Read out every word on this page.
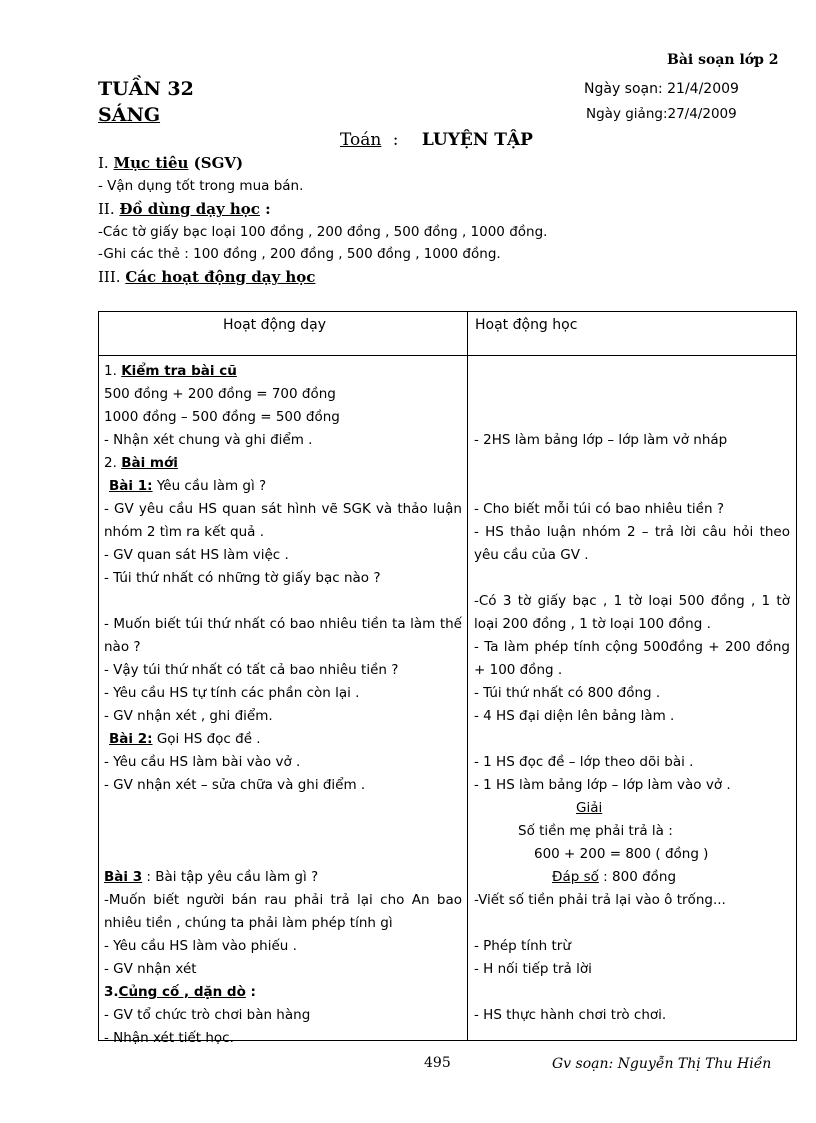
Bài soạn lớp 2
TUẦN 32
SÁNG
Ngày soạn: 21/4/2009
Ngày giảng:27/4/2009
Toán : LUYỆN TẬP
I. Mục tiêu (SGV)
- Vận dụng tốt trong mua bán.
II. Đồ dùng dạy học :
-Các tờ giấy bạc loại 100 đồng , 200 đồng , 500 đồng , 1000 đồng.
-Ghi các thẻ : 100 đồng , 200 đồng , 500 đồng , 1000 đồng.
III. Các hoạt động dạy học
Hoạt động dạy	Hoạt động học
1. Kiểm tra bài cũ
500 đồng + 200 đồng = 700 đồng
1000 đồng – 500 đồng = 500 đồng
- Nhận xét chung và ghi điểm .
2. Bài mới
Bài 1: Yêu cầu làm gì ?
- GV yêu cầu HS quan sát hình vẽ SGK và thảo luận nhóm 2 tìm ra kết quả .
- GV quan sát HS làm việc .
- Túi thứ nhất có những tờ giấy bạc nào ?
- Muốn biết túi thứ nhất có bao nhiêu tiền ta làm thế nào ?
- Vậy túi thứ nhất có tất cả bao nhiêu tiền ?
- Yêu cầu HS tự tính các phần còn lại .
- GV nhận xét , ghi điểm.
Bài 2: Gọi HS đọc đề .
- Yêu cầu HS làm bài vào vở .
- GV nhận xét – sửa chữa và ghi điểm .
Bài 3 : Bài tập yêu cầu làm gì ?
-Muốn biết người bán rau phải trả lại cho An bao nhiêu tiền , chúng ta phải làm phép tính gì
- Yêu cầu HS làm vào phiếu .
- GV nhận xét
3.Củng cố , dặn dò :
- GV tổ chức trò chơi bàn hàng
- Nhận xét tiết học.
- 2HS làm bảng lớp – lớp làm vở nháp
- Cho biết mỗi túi có bao nhiêu tiền ?
- HS thảo luận nhóm 2 – trả lời câu hỏi theo yêu cầu của GV .
-Có 3 tờ giấy bạc , 1 tờ loại 500 đồng , 1 tờ loại 200 đồng , 1 tờ loại 100 đồng .
- Ta làm phép tính cộng 500đồng + 200 đồng + 100 đồng .
- Túi thứ nhất có 800 đồng .
- 4 HS đại diện lên bảng làm .
- 1 HS đọc đề – lớp theo dõi bài .
- 1 HS làm bảng lớp – lớp làm vào vở .
Giải
Số tiền mẹ phải trả là :
600 + 200 = 800 ( đồng )
Đáp số : 800 đồng
-Viết số tiền phải trả lại vào ô trống...
- Phép tính trừ
- H nối tiếp trả lời
- HS thực hành chơi trò chơi.
495	Gv soạn: Nguyễn Thị Thu Hiền
